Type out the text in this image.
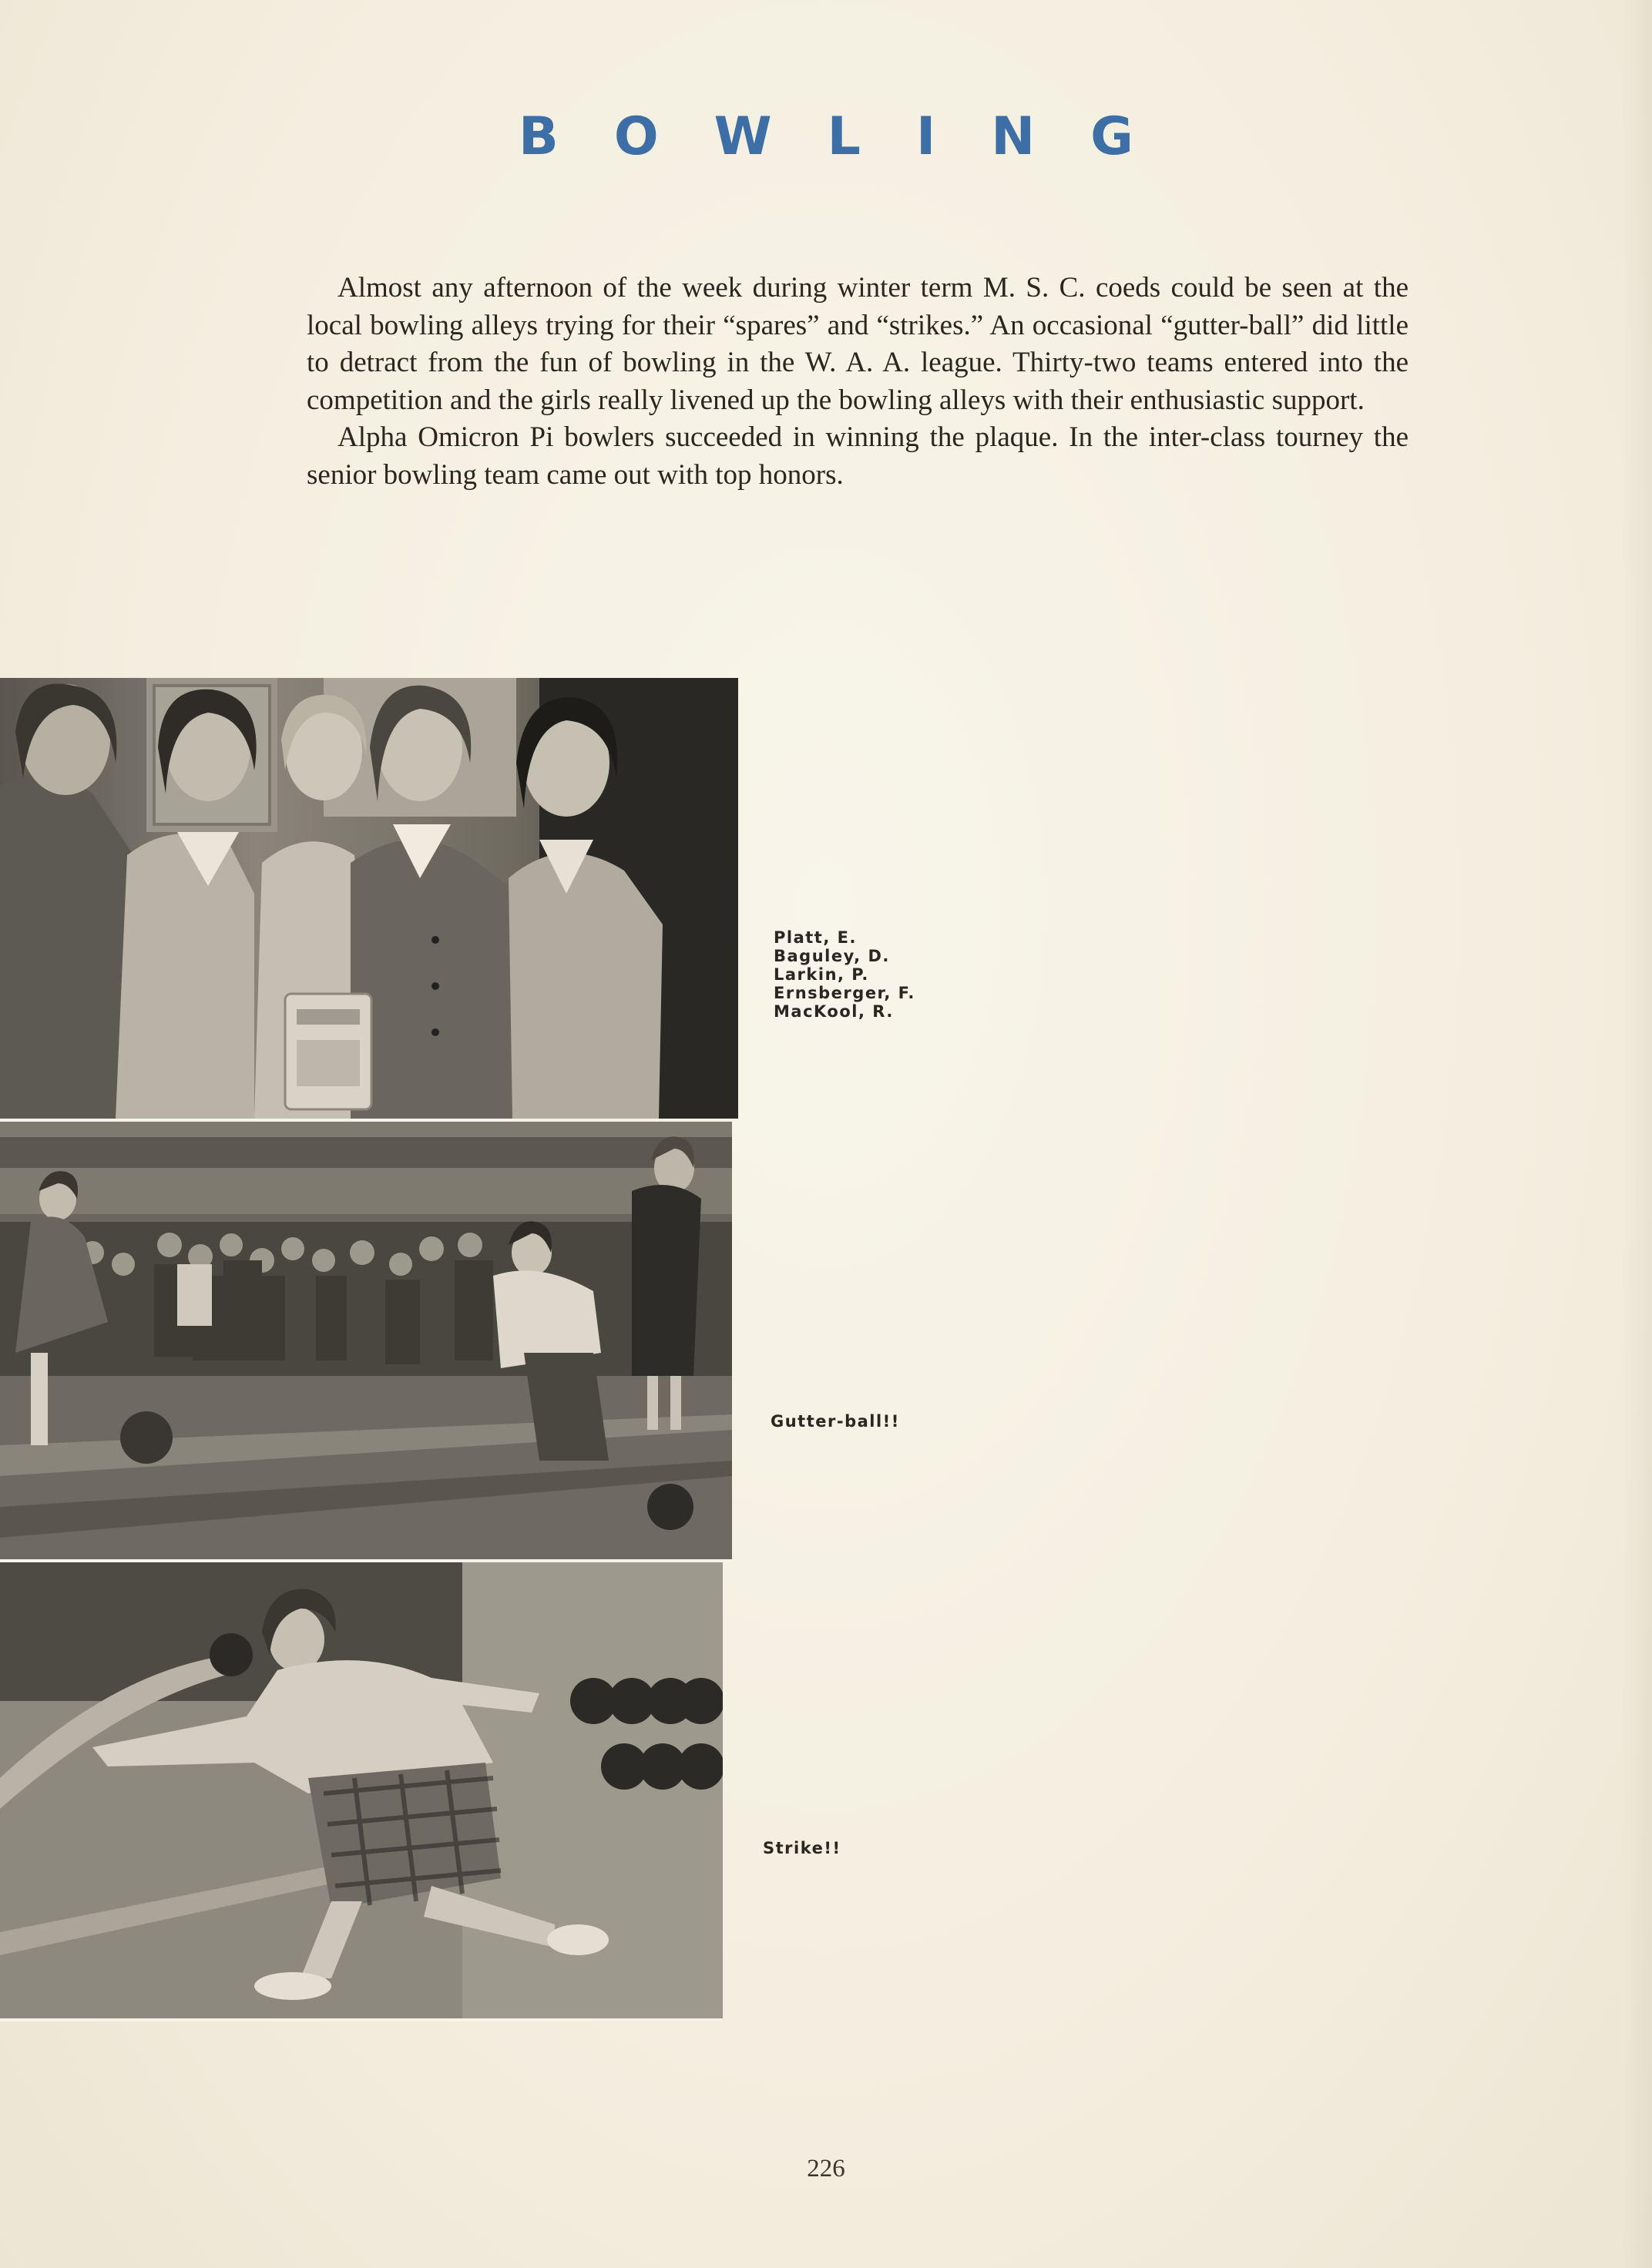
BOWLING

Almost any afternoon of the week during winter term M. S. C. coeds could be seen at the local bowling alleys trying for their “spares” and “strikes.” An occasional “gutter-ball” did little to detract from the fun of bowling in the W. A. A. league. Thirty-two teams entered into the competition and the girls really livened up the bowling alleys with their enthusiastic support.

Alpha Omicron Pi bowlers succeeded in winning the plaque. In the inter-class tourney the senior bowling team came out with top honors.

Platt, E.
Baguley, D.
Larkin, P.
Ernsberger, F.
MacKool, R.
Gutter-ball!!
Strike!!
226
